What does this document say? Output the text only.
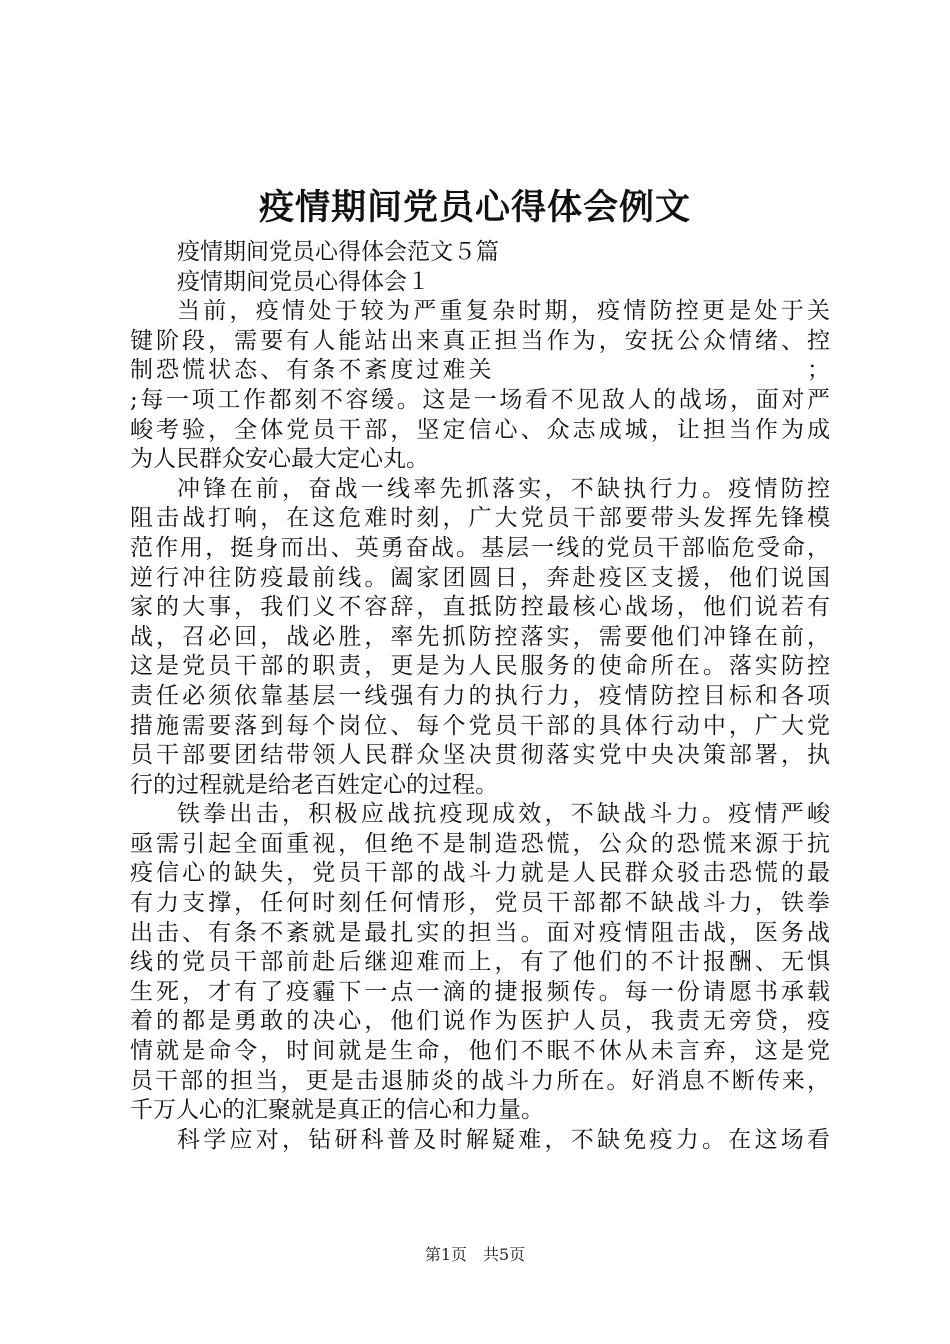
疫情期间党员心得体会例文
疫情期间党员心得体会范文５篇
疫情期间党员心得体会１
当前，疫情处于较为严重复杂时期，疫情防控更是处于关
键阶段，需要有人能站出来真正担当作为，安抚公众情绪、控
制恐慌状态、有条不紊度过难关　　　　　　　　　　　　；
;每一项工作都刻不容缓。这是一场看不见敌人的战场，面对严
峻考验，全体党员干部，坚定信心、众志成城，让担当作为成
为人民群众安心最大定心丸。
冲锋在前，奋战一线率先抓落实，不缺执行力。疫情防控
阻击战打响，在这危难时刻，广大党员干部要带头发挥先锋模
范作用，挺身而出、英勇奋战。基层一线的党员干部临危受命，
逆行冲往防疫最前线。阖家团圆日，奔赴疫区支援，他们说国
家的大事，我们义不容辞，直抵防控最核心战场，他们说若有
战，召必回，战必胜，率先抓防控落实，需要他们冲锋在前，
这是党员干部的职责，更是为人民服务的使命所在。落实防控
责任必须依靠基层一线强有力的执行力，疫情防控目标和各项
措施需要落到每个岗位、每个党员干部的具体行动中，广大党
员干部要团结带领人民群众坚决贯彻落实党中央决策部署，执
行的过程就是给老百姓定心的过程。
铁拳出击，积极应战抗疫现成效，不缺战斗力。疫情严峻
亟需引起全面重视，但绝不是制造恐慌，公众的恐慌来源于抗
疫信心的缺失，党员干部的战斗力就是人民群众驳击恐慌的最
有力支撑，任何时刻任何情形，党员干部都不缺战斗力，铁拳
出击、有条不紊就是最扎实的担当。面对疫情阻击战，医务战
线的党员干部前赴后继迎难而上，有了他们的不计报酬、无惧
生死，才有了疫霾下一点一滴的捷报频传。每一份请愿书承载
着的都是勇敢的决心，他们说作为医护人员，我责无旁贷，疫
情就是命令，时间就是生命，他们不眠不休从未言弃，这是党
员干部的担当，更是击退肺炎的战斗力所在。好消息不断传来，
千万人心的汇聚就是真正的信心和力量。
科学应对，钻研科普及时解疑难，不缺免疫力。在这场看
第1页　共5页
